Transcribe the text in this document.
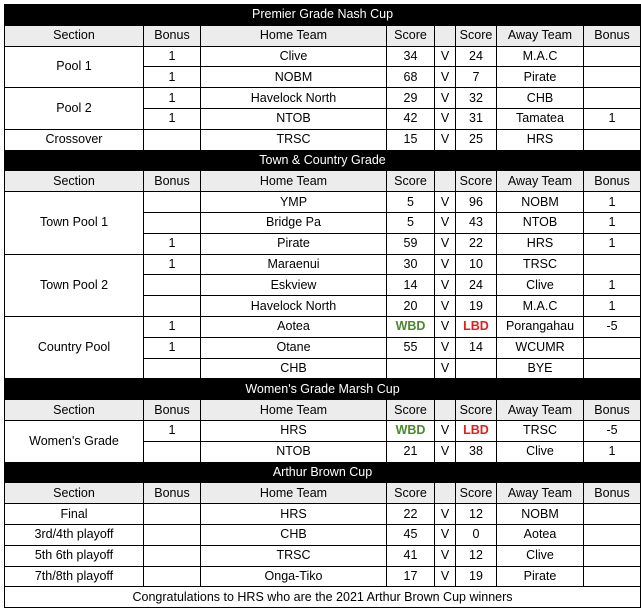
Premier Grade Nash Cup							
Section	Bonus	Home Team	Score		Score	Away Team	Bonus
Pool 1	1	Clive	34	V	24	M.A.C	
	1	NOBM	68	V	7	Pirate	
Pool 2	1	Havelock North	29	V	32	CHB	
	1	NTOB	42	V	31	Tamatea	1
Crossover		TRSC	15	V	25	HRS	
Town & Country Grade							
Section	Bonus	Home Team	Score		Score	Away Team	Bonus
Town Pool 1		YMP	5	V	96	NOBM	1
		Bridge Pa	5	V	43	NTOB	1
	1	Pirate	59	V	22	HRS	1
Town Pool 2	1	Maraenui	30	V	10	TRSC	
		Eskview	14	V	24	Clive	1
		Havelock North	20	V	19	M.A.C	1
Country Pool	1	Aotea	WBD	V	LBD	Porangahau	-5
	1	Otane	55	V	14	WCUMR	
		CHB		V		BYE	
Women's Grade Marsh Cup							
Section	Bonus	Home Team	Score		Score	Away Team	Bonus
Women's Grade	1	HRS	WBD	V	LBD	TRSC	-5
		NTOB	21	V	38	Clive	1
Arthur Brown Cup							
Section	Bonus	Home Team	Score		Score	Away Team	Bonus
Final		HRS	22	V	12	NOBM	
3rd/4th playoff		CHB	45	V	0	Aotea	
5th 6th playoff		TRSC	41	V	12	Clive	
7th/8th playoff		Onga-Tiko	17	V	19	Pirate	
Congratulations to HRS who are the 2021 Arthur Brown Cup winners							
